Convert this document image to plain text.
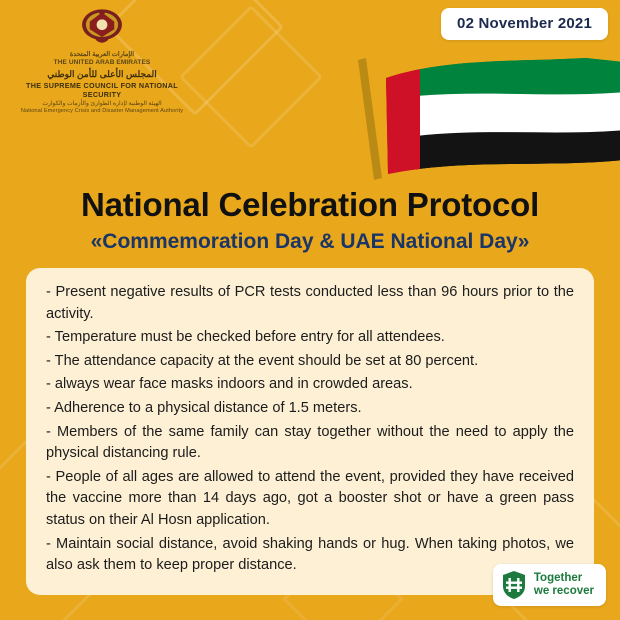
02 November 2021
الإمارات العربية المتحدة
THE UNITED ARAB EMIRATES
المجلس الأعلى للأمن الوطني
THE SUPREME COUNCIL FOR NATIONAL SECURITY
الهيئة الوطنية لإدارة الطوارئ والأزمات والكوارث
National Emergency Crisis and Disaster Management Authority
National Celebration Protocol
«Commemoration Day & UAE National Day»
- Present negative results of PCR tests conducted less than 96 hours prior to the activity.
- Temperature must be checked before entry for all attendees.
- The attendance capacity at the event should be set at 80 percent.
- always wear face masks indoors and in crowded areas.
- Adherence to a physical distance of 1.5 meters.
- Members of the same family can stay together without the need to apply the physical distancing rule.
- People of all ages are allowed to attend the event, provided they have received the vaccine more than 14 days ago, got a booster shot or have a green pass status on their Al Hosn application.
- Maintain social distance, avoid shaking hands or hug. When taking photos, we also ask them to keep proper distance.
Together
we recover
